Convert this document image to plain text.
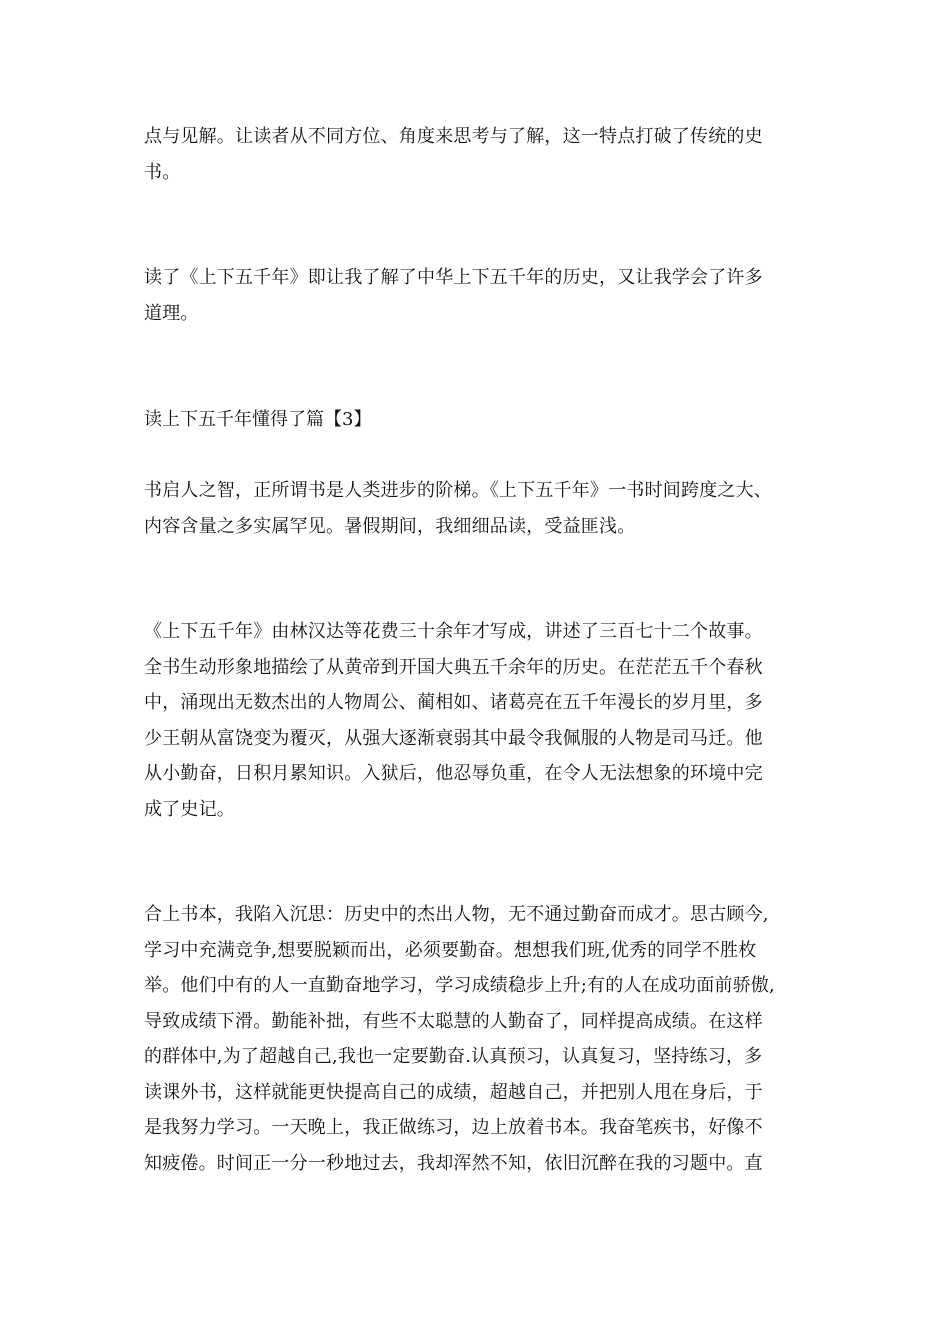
点与见解。让读者从不同方位、角度来思考与了解，这一特点打破了传统的史
书。

读了《上下五千年》即让我了解了中华上下五千年的历史，又让我学会了许多
道理。

读上下五千年懂得了篇【3】

书启人之智，正所谓书是人类进步的阶梯。《上下五千年》一书时间跨度之大、
内容含量之多实属罕见。暑假期间，我细细品读，受益匪浅。

《上下五千年》由林汉达等花费三十余年才写成，讲述了三百七十二个故事。
全书生动形象地描绘了从黄帝到开国大典五千余年的历史。在茫茫五千个春秋
中，涌现出无数杰出的人物周公、蔺相如、诸葛亮在五千年漫长的岁月里，多
少王朝从富饶变为覆灭，从强大逐渐衰弱其中最令我佩服的人物是司马迁。他
从小勤奋，日积月累知识。入狱后，他忍辱负重，在令人无法想象的环境中完
成了史记。

合上书本，我陷入沉思：历史中的杰出人物，无不通过勤奋而成才。思古顾今,
学习中充满竞争,想要脱颖而出，必须要勤奋。想想我们班,优秀的同学不胜枚
举。他们中有的人一直勤奋地学习，学习成绩稳步上升;有的人在成功面前骄傲,
导致成绩下滑。勤能补拙，有些不太聪慧的人勤奋了，同样提高成绩。在这样
的群体中,为了超越自己,我也一定要勤奋.认真预习，认真复习，坚持练习，多
读课外书，这样就能更快提高自己的成绩，超越自己，并把别人甩在身后，于
是我努力学习。一天晚上，我正做练习，边上放着书本。我奋笔疾书，好像不
知疲倦。时间正一分一秒地过去，我却浑然不知，依旧沉醉在我的习题中。直
